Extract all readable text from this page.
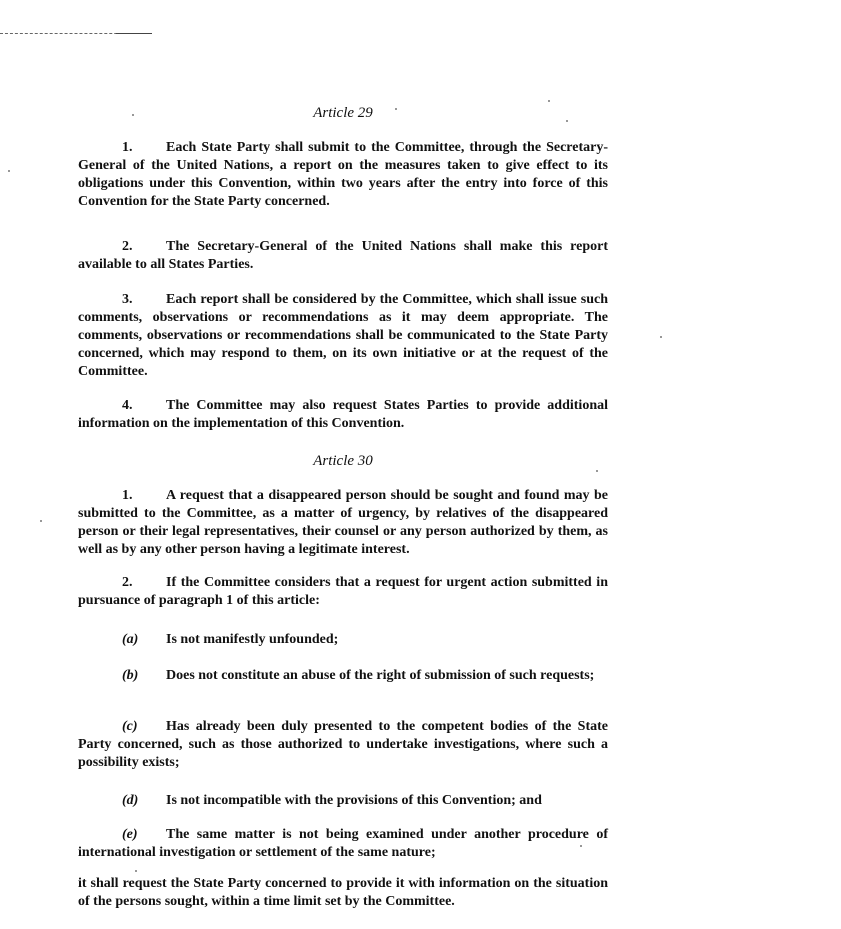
Article 29
1. Each State Party shall submit to the Committee, through the Secretary-General of the United Nations, a report on the measures taken to give effect to its obligations under this Convention, within two years after the entry into force of this Convention for the State Party concerned.
2. The Secretary-General of the United Nations shall make this report available to all States Parties.
3. Each report shall be considered by the Committee, which shall issue such comments, observations or recommendations as it may deem appropriate. The comments, observations or recommendations shall be communicated to the State Party concerned, which may respond to them, on its own initiative or at the request of the Committee.
4. The Committee may also request States Parties to provide additional information on the implementation of this Convention.
Article 30
1. A request that a disappeared person should be sought and found may be submitted to the Committee, as a matter of urgency, by relatives of the disappeared person or their legal representatives, their counsel or any person authorized by them, as well as by any other person having a legitimate interest.
2. If the Committee considers that a request for urgent action submitted in pursuance of paragraph 1 of this article:
(a) Is not manifestly unfounded;
(b) Does not constitute an abuse of the right of submission of such requests;
(c) Has already been duly presented to the competent bodies of the State Party concerned, such as those authorized to undertake investigations, where such a possibility exists;
(d) Is not incompatible with the provisions of this Convention; and
(e) The same matter is not being examined under another procedure of international investigation or settlement of the same nature;
it shall request the State Party concerned to provide it with information on the situation of the persons sought, within a time limit set by the Committee.
